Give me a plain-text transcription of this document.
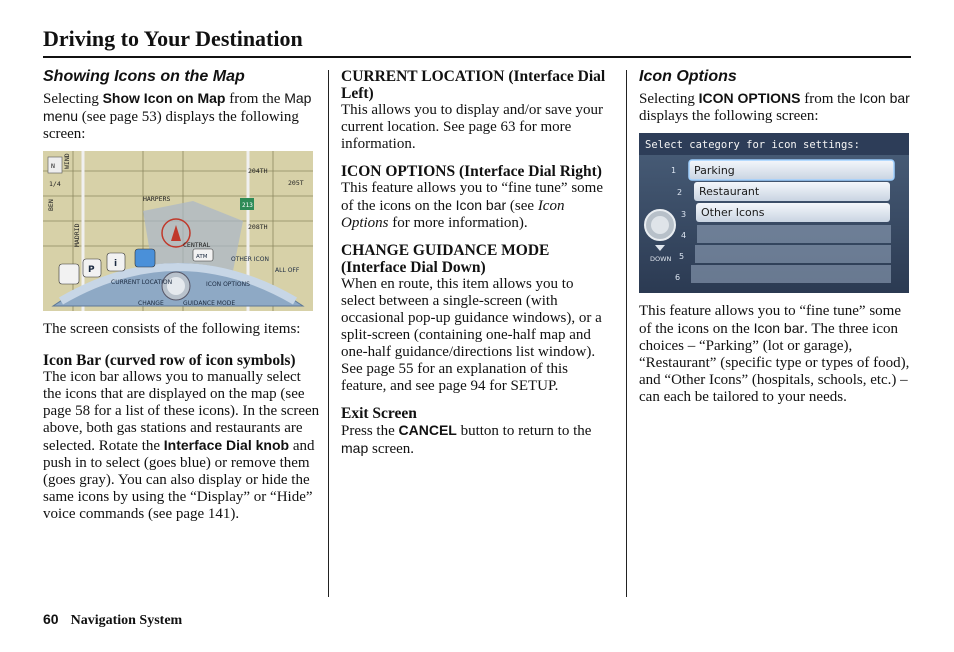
Driving to Your Destination
Showing Icons on the Map

Selecting Show Icon on Map from the Map menu (see page 53) displays the following screen:

N
1/4
HARPERS
204TH
205T
208TH
CENTRAL
MADRID
BEN
WIND
213
P
i
ATM	OTHER ICON
ALL OFF
CURRENT LOCATION	ICON OPTIONS
CHANGE	GUIDANCE MODE

The screen consists of the following items:

Icon Bar (curved row of icon symbols)

The icon bar allows you to manually select the icons that are displayed on the map (see page 58 for a list of these icons). In the screen above, both gas stations and restaurants are selected. Rotate the Interface Dial knob and push in to select (goes blue) or remove them (goes gray). You can also display or hide the same icons by using the “Display” or “Hide” voice commands (see page 141).

CURRENT LOCATION (Interface Dial Left)

This allows you to display and/or save your current location. See page 63 for more information.

ICON OPTIONS (Interface Dial Right)

This feature allows you to “fine tune” some of the icons on the Icon bar (see Icon Options for more information).

CHANGE GUIDANCE MODE (Interface Dial Down)

When en route, this item allows you to select between a single-screen (with occasional pop-up guidance windows), or a split-screen (containing one-half map and one-half guidance/directions list window). See page 55 for an explanation of this feature, and see page 94 for SETUP.

Exit Screen

Press the CANCEL button to return to the map screen.

Icon Options

Selecting ICON OPTIONS from the Icon bar displays the following screen:

Select category for icon settings:
Parking
Restaurant
Other Icons
1
2
3
4
5
6
DOWN

This feature allows you to “fine tune” some of the icons on the Icon bar. The three icon choices – “Parking” (lot or garage), “Restaurant” (specific type or types of food), and “Other Icons” (hospitals, schools, etc.) – can each be tailored to your needs.

60 Navigation System
